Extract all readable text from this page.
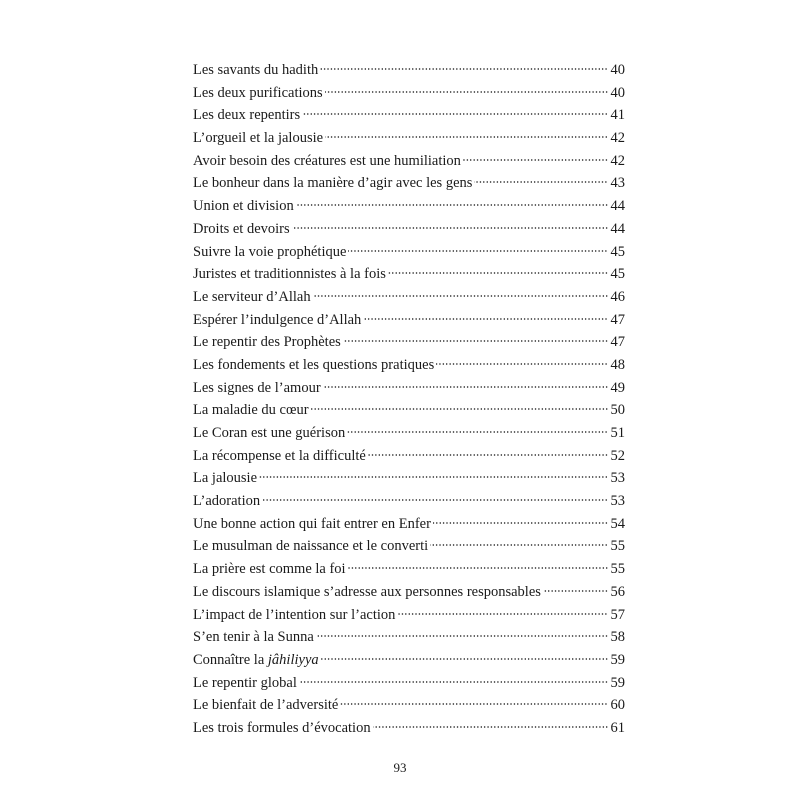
Les savants du hadith	40
Les deux purifications	40
Les deux repentirs	41
L’orgueil et la jalousie	42
Avoir besoin des créatures est une humiliation	42
Le bonheur dans la manière d’agir avec les gens	43
Union et division	44
Droits et devoirs	44
Suivre la voie prophétique	45
Juristes et traditionnistes à la fois	45
Le serviteur d’Allah	46
Espérer l’indulgence d’Allah	47
Le repentir des Prophètes	47
Les fondements et les questions pratiques	48
Les signes de l’amour	49
La maladie du cœur	50
Le Coran est une guérison	51
La récompense et la difficulté	52
La jalousie	53
L’adoration	53
Une bonne action qui fait entrer en Enfer	54
Le musulman de naissance et le converti	55
La prière est comme la foi	55
Le discours islamique s’adresse aux personnes responsables	56
L’impact de l’intention sur l’action	57
S’en tenir à la Sunna	58
Connaître la jâhiliyya	59
Le repentir global	59
Le bienfait de l’adversité	60
Les trois formules d’évocation	61
93
